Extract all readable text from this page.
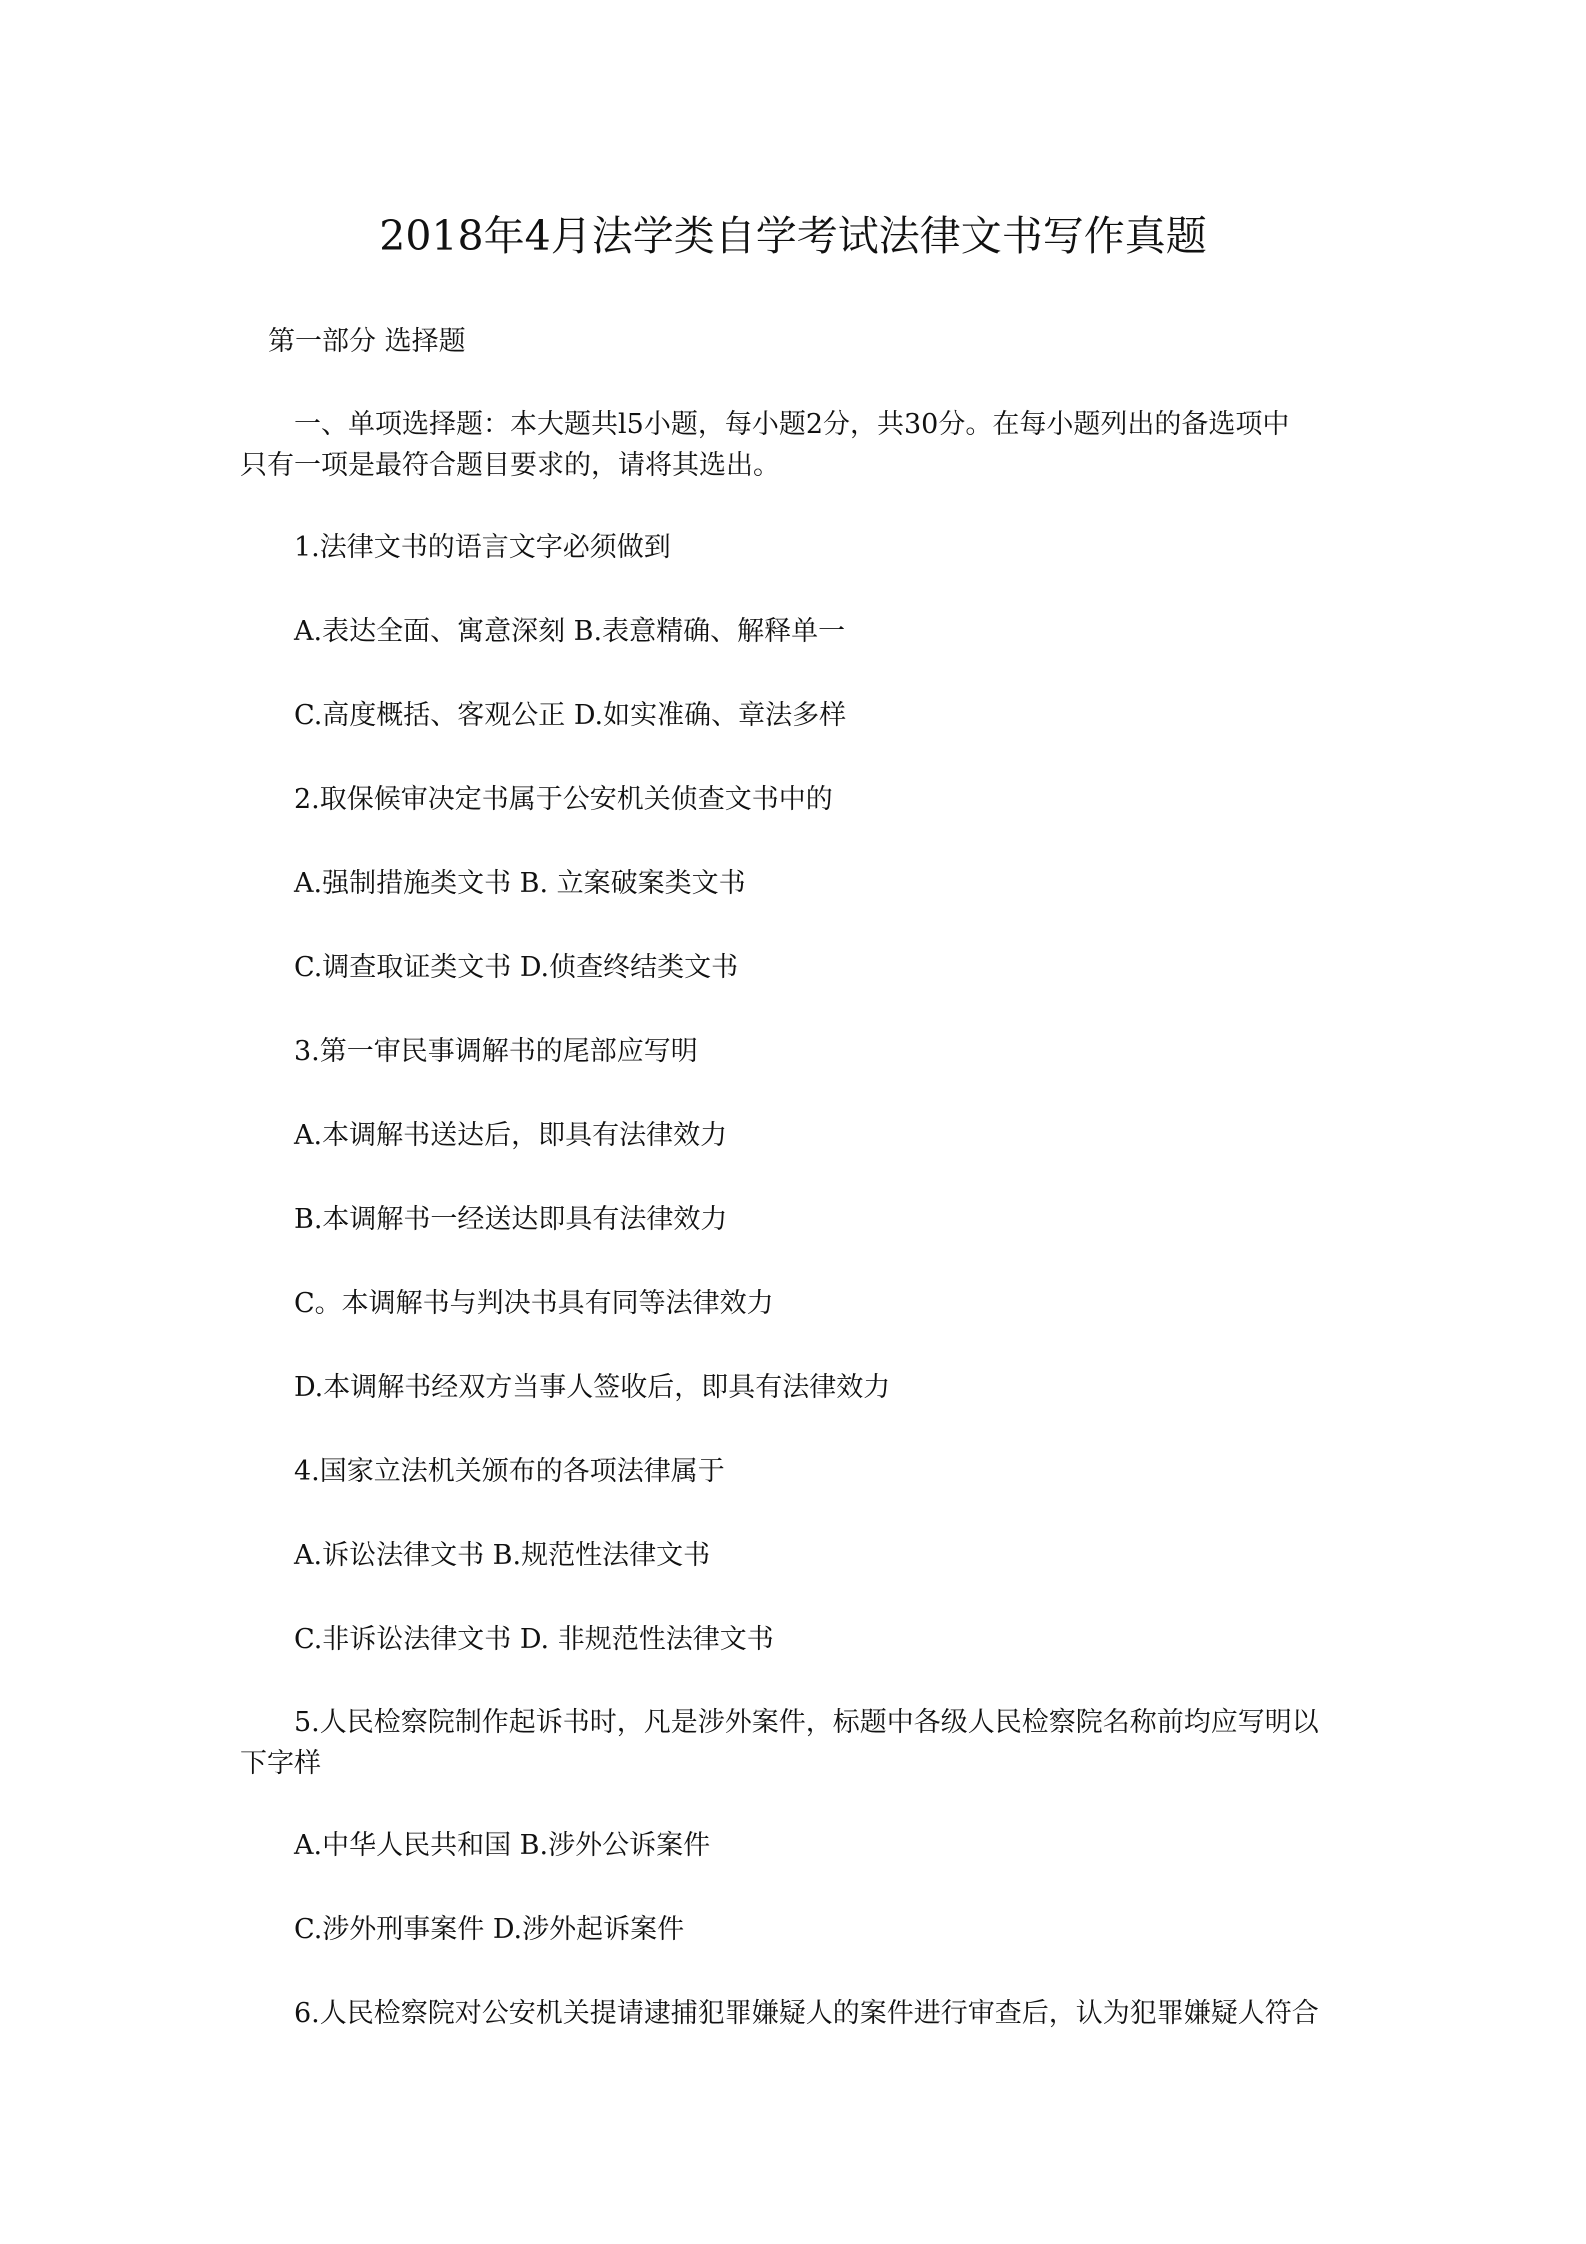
2018年4月法学类自学考试法律文书写作真题
第一部分 选择题
一、单项选择题：本大题共l5小题，每小题2分，共30分。在每小题列出的备选项中
只有一项是最符合题目要求的，请将其选出。
1.法律文书的语言文字必须做到
A.表达全面、寓意深刻 B.表意精确、解释单一
C.高度概括、客观公正 D.如实准确、章法多样
2.取保候审决定书属于公安机关侦查文书中的
A.强制措施类文书 B. 立案破案类文书
C.调查取证类文书 D.侦查终结类文书
3.第一审民事调解书的尾部应写明
A.本调解书送达后，即具有法律效力
B.本调解书一经送达即具有法律效力
C。本调解书与判决书具有同等法律效力
D.本调解书经双方当事人签收后，即具有法律效力
4.国家立法机关颁布的各项法律属于
A.诉讼法律文书 B.规范性法律文书
C.非诉讼法律文书 D. 非规范性法律文书
5.人民检察院制作起诉书时，凡是涉外案件，标题中各级人民检察院名称前均应写明以
下字样
A.中华人民共和国 B.涉外公诉案件
C.涉外刑事案件 D.涉外起诉案件
6.人民检察院对公安机关提请逮捕犯罪嫌疑人的案件进行审查后，认为犯罪嫌疑人符合
